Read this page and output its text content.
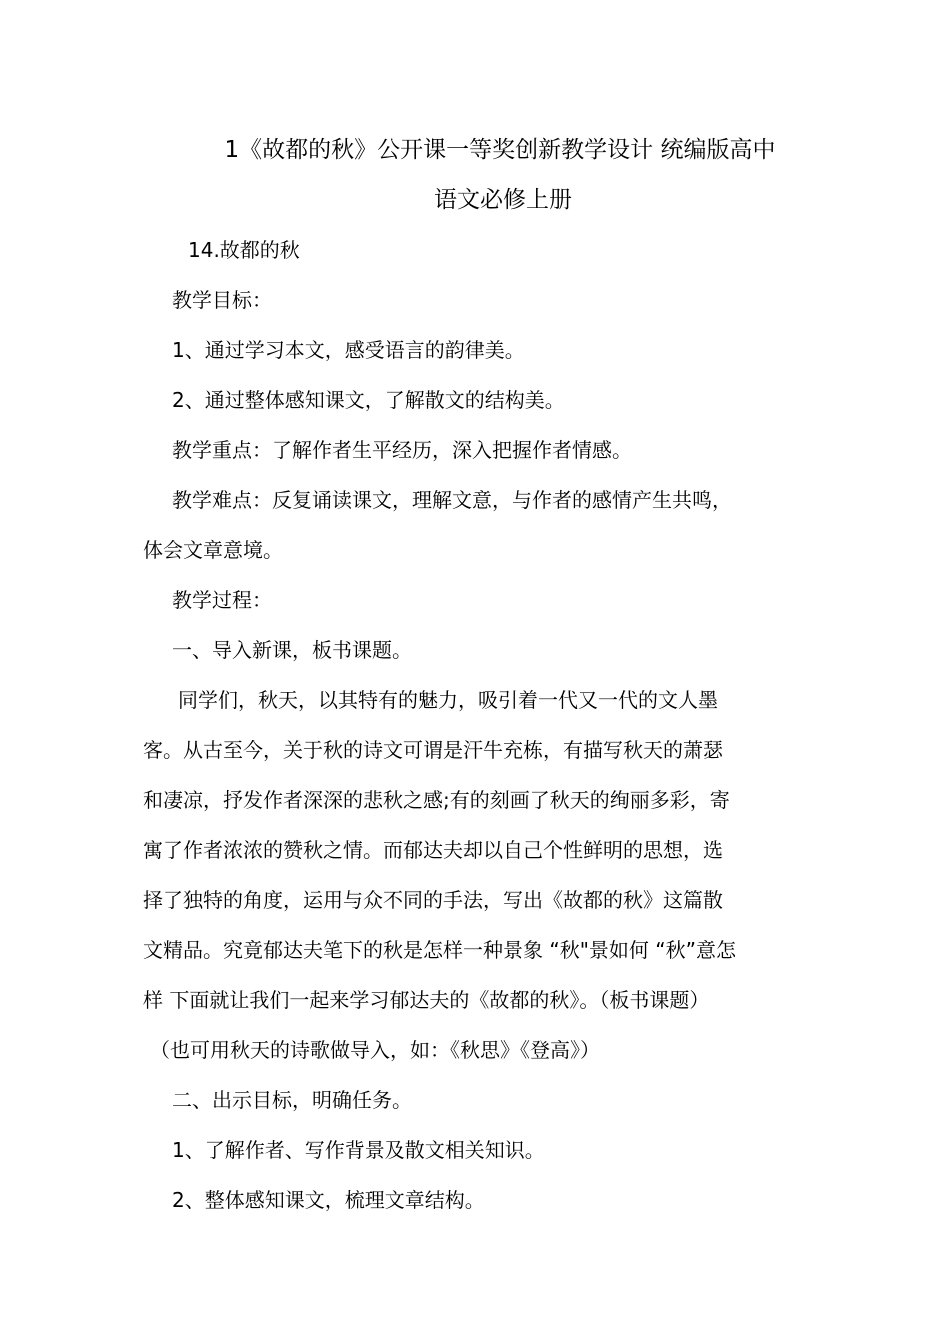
1《故都的秋》公开课一等奖创新教学设计 统编版高中
语文必修上册

14.故都的秋

教学目标：

1、通过学习本文，感受语言的韵律美。

2、通过整体感知课文，了解散文的结构美。

教学重点：了解作者生平经历，深入把握作者情感。

教学难点：反复诵读课文，理解文意，与作者的感情产生共鸣，

体会文章意境。

教学过程：

一、导入新课，板书课题。

同学们，秋天，以其特有的魅力，吸引着一代又一代的文人墨

客。从古至今，关于秋的诗文可谓是汗牛充栋，有描写秋天的萧瑟

和凄凉，抒发作者深深的悲秋之感;有的刻画了秋天的绚丽多彩，寄

寓了作者浓浓的赞秋之情。而郁达夫却以自己个性鲜明的思想，选

择了独特的角度，运用与众不同的手法，写出《故都的秋》这篇散

文精品。究竟郁达夫笔下的秋是怎样一种景象 “秋"景如何 “秋”意怎

样 下面就让我们一起来学习郁达夫的《故都的秋》。（板书课题）

（也可用秋天的诗歌做导入，如：《秋思》《登高》）

二、出示目标，明确任务。

1、了解作者、写作背景及散文相关知识。

2、整体感知课文，梳理文章结构。
